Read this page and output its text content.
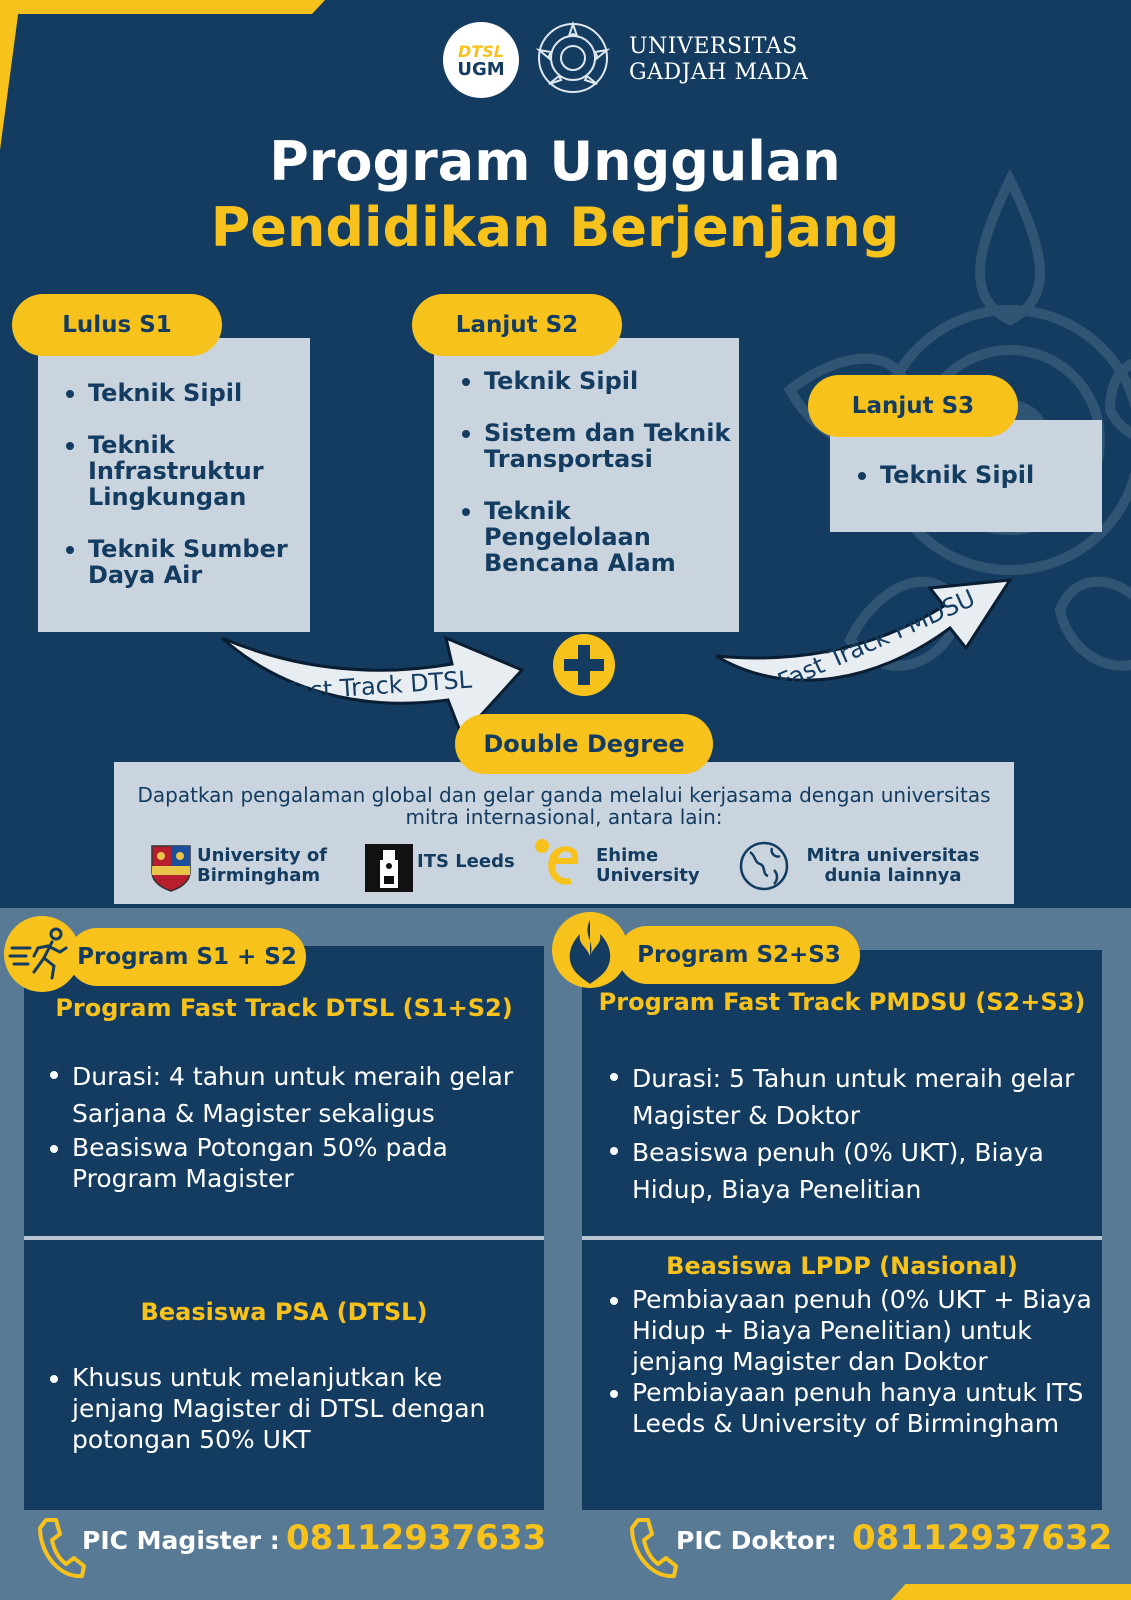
DTSL
UGM
UNIVERSITAS
GADJAH MADA
Program Unggulan
Pendidikan Berjenjang
Lulus S1
Teknik Sipil
Teknik Infrastruktur Lingkungan
Teknik Sumber Daya Air
Lanjut S2
Teknik Sipil
Sistem dan Teknik Transportasi
Teknik Pengelolaan Bencana Alam
Lanjut S3
Teknik Sipil
Fast Track DTSL	Fast Track PMDSU
Double Degree
Dapatkan pengalaman global dan gelar ganda melalui kerjasama dengan universitas mitra internasional, antara lain:
University of
Birmingham
ITS Leeds	Ehime
University
Mitra universitas
dunia lainnya
Program S1 + S2
Program Fast Track DTSL (S1+S2)
Durasi: 4 tahun untuk meraih gelar Sarjana & Magister sekaligus
Beasiswa Potongan 50% pada Program Magister
Beasiswa PSA (DTSL)
Khusus untuk melanjutkan ke jenjang Magister di DTSL dengan potongan 50% UKT
Program S2+S3
Program Fast Track PMDSU (S2+S3)
Durasi: 5 Tahun untuk meraih gelar Magister & Doktor
Beasiswa penuh (0% UKT), Biaya Hidup, Biaya Penelitian
Beasiswa LPDP (Nasional)
Pembiayaan penuh (0% UKT + Biaya Hidup + Biaya Penelitian) untuk jenjang Magister dan Doktor
Pembiayaan penuh hanya untuk ITS Leeds & University of Birmingham
PIC Magister : 08112937633	PIC Doktor: 08112937632
